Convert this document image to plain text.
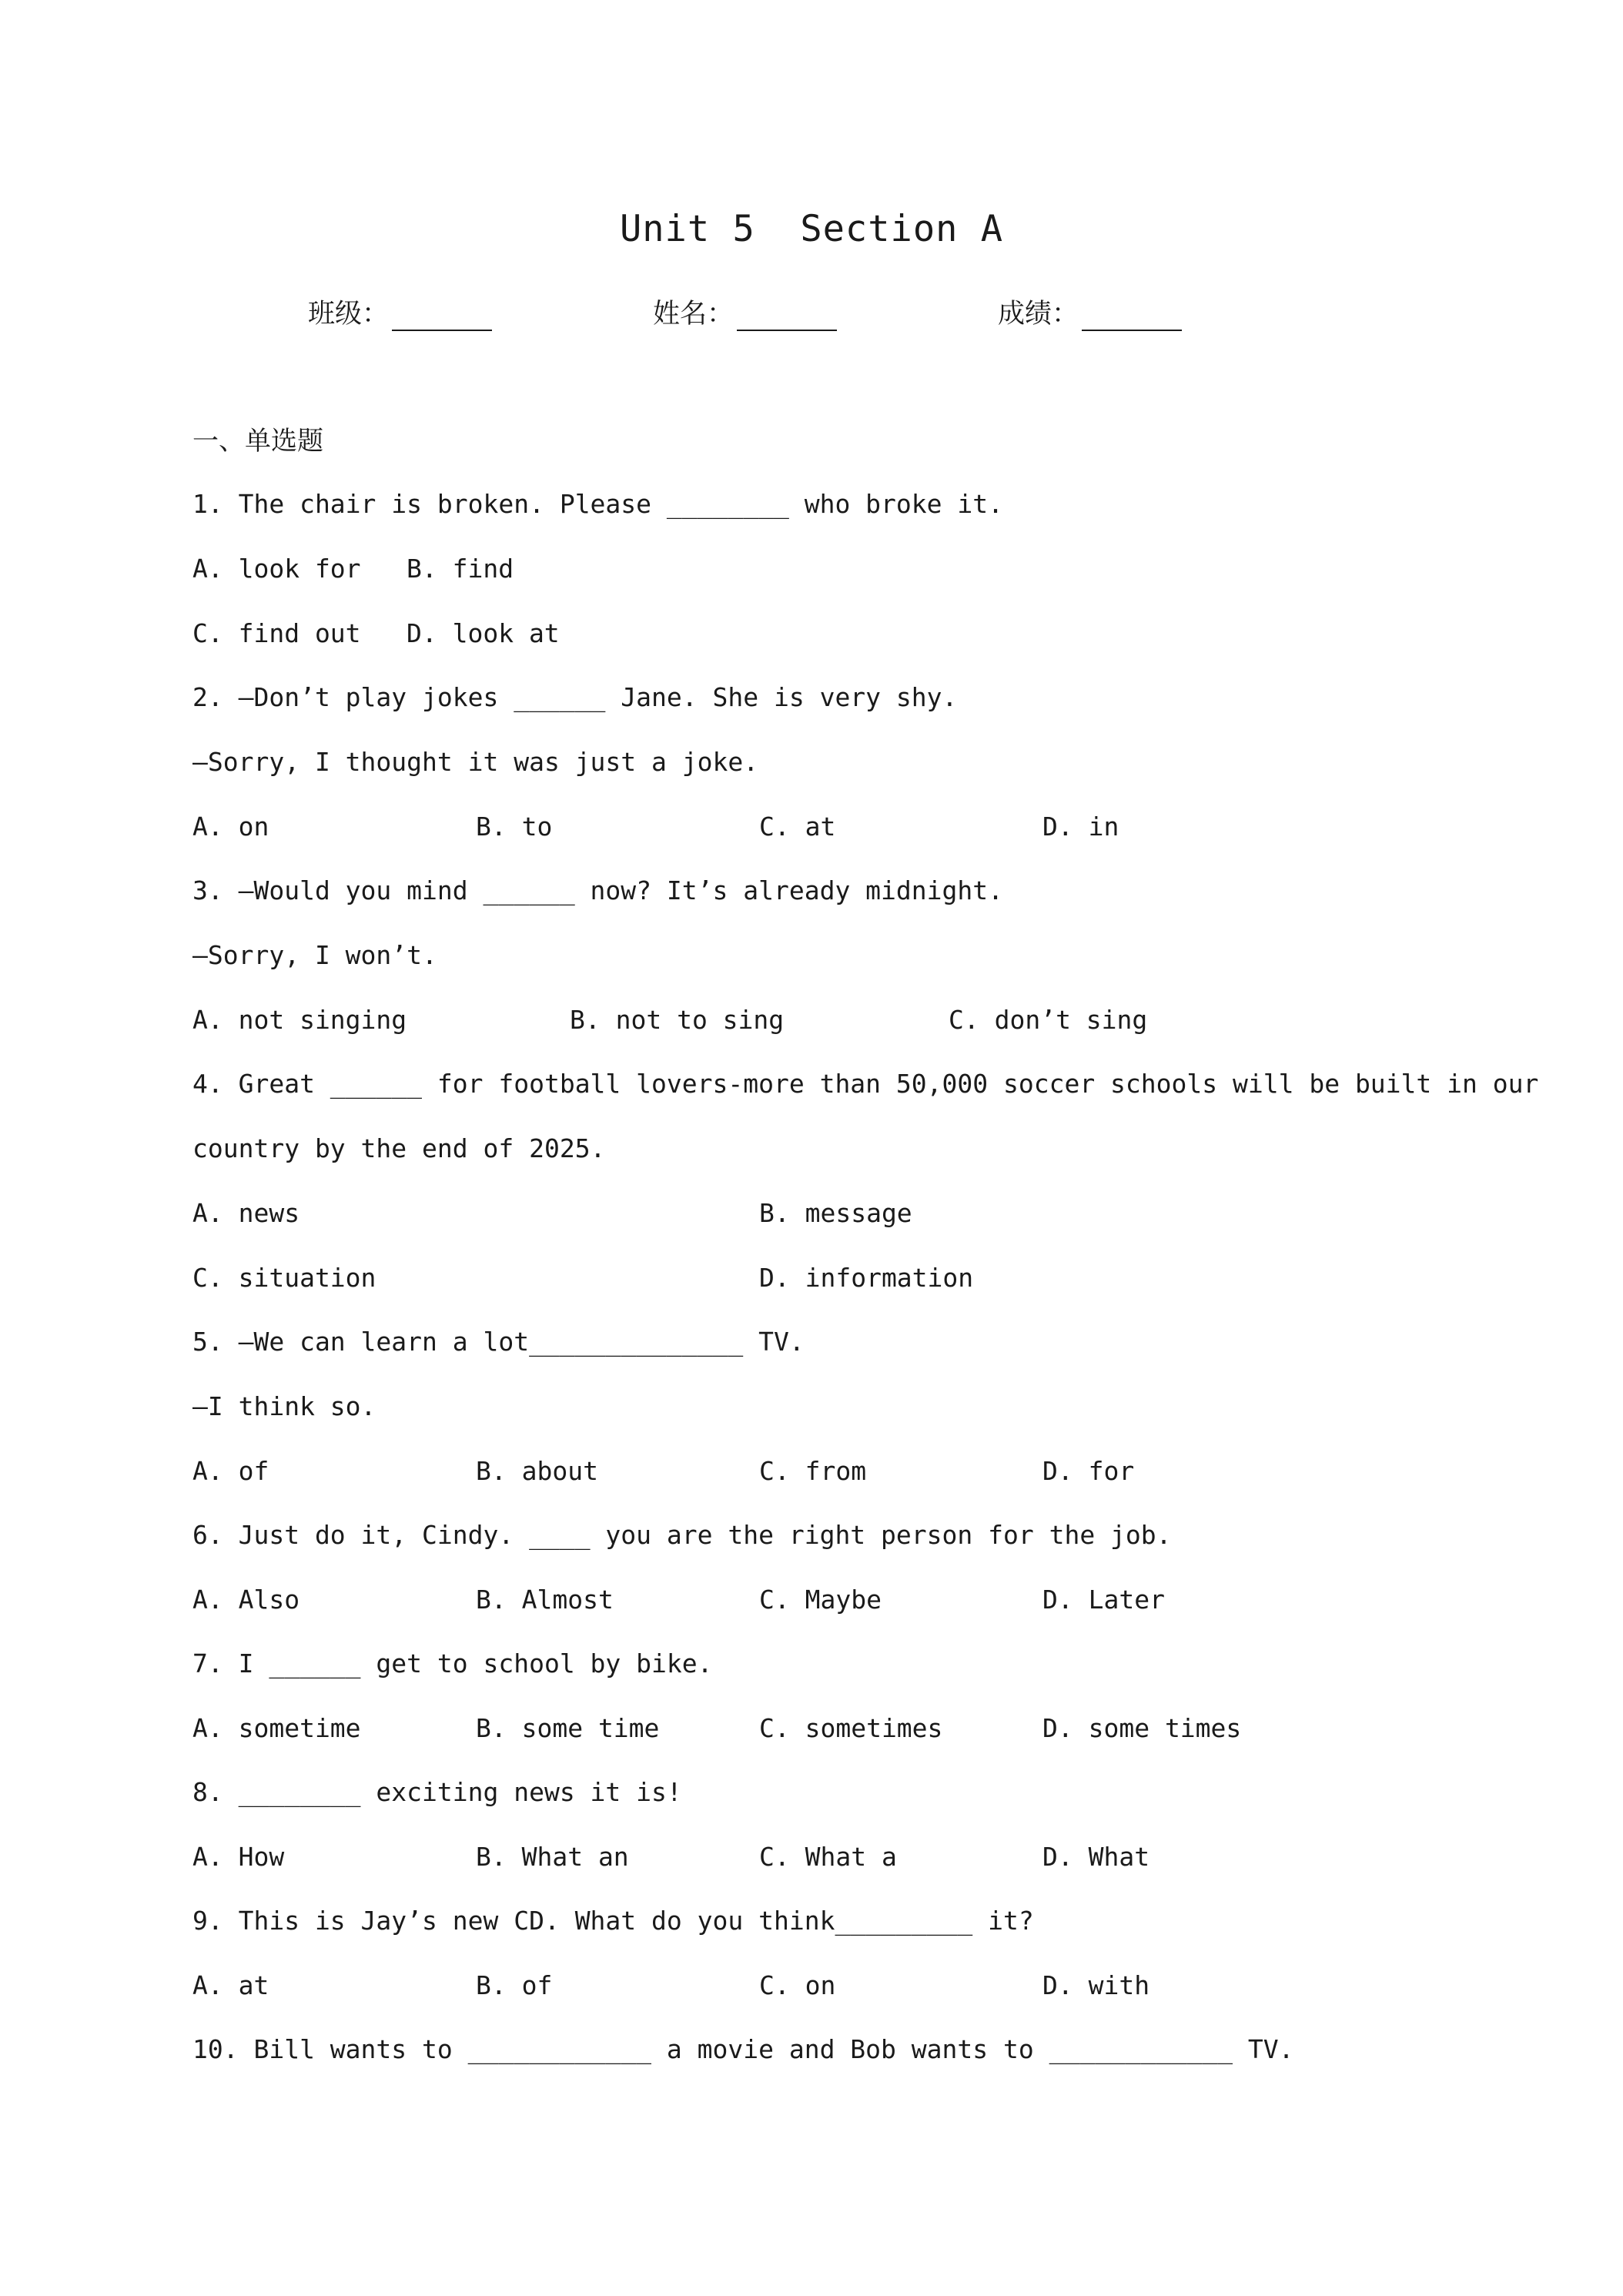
Unit 5  Section A
班级：	姓名：	成绩：
一、单选题
1. The chair is broken. Please ________ who broke it.
A. look for B. find
C. find out D. look at
2. —Don’t play jokes ______ Jane. She is very shy.
—Sorry, I thought it was just a joke.
A. on	B. to	C. at	D. in
3. —Would you mind ______ now? It’s already midnight.
—Sorry, I won’t.
A. not singing	B. not to sing	C. don’t sing
4. Great ______ for football lovers-more than 50,000 soccer schools will be built in our
country by the end of 2025.
A. news	B. message
C. situation	D. information
5. —We can learn a lot______________ TV.
—I think so.
A. of	B. about	C. from	D. for
6. Just do it, Cindy. ____ you are the right person for the job.
A. Also	B. Almost	C. Maybe	D. Later
7. I ______ get to school by bike.
A. sometime	B. some time	C. sometimes	D. some times
8. ________ exciting news it is!
A. How	B. What an	C. What a	D. What
9. This is Jay’s new CD. What do you think_________ it?
A. at	B. of	C. on	D. with
10. Bill wants to ____________ a movie and Bob wants to ____________ TV.
